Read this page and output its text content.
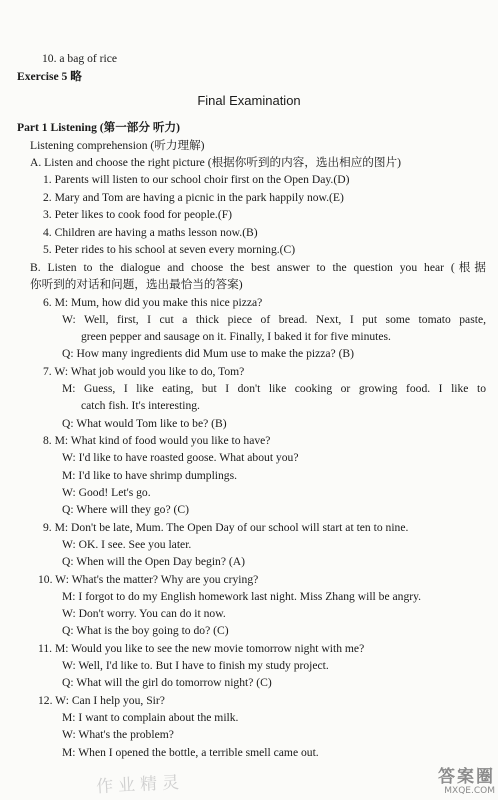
10. a bag of rice
Exercise 5 略
Part 1 Listening (第一部分 听力)
Listening comprehension (听力理解)
A. Listen and choose the right picture (根据你听到的内容，选出相应的图片)
1. Parents will listen to our school choir first on the Open Day.(D)
2. Mary and Tom are having a picnic in the park happily now.(E)
3. Peter likes to cook food for people.(F)
4. Children are having a maths lesson now.(B)
5. Peter rides to his school at seven every morning.(C)
B. Listen to the dialogue and choose the best answer to the question you hear (根据
你听到的对话和问题，选出最恰当的答案)
6. M: Mum, how did you make this nice pizza?
W: Well, first, I cut a thick piece of bread. Next, I put some tomato paste,
green pepper and sausage on it. Finally, I baked it for five minutes.
Q: How many ingredients did Mum use to make the pizza? (B)
7. W: What job would you like to do, Tom?
M: Guess, I like eating, but I don't like cooking or growing food. I like to
catch fish. It's interesting.
Q: What would Tom like to be? (B)
8. M: What kind of food would you like to have?
W: I'd like to have roasted goose. What about you?
M: I'd like to have shrimp dumplings.
W: Good! Let's go.
Q: Where will they go? (C)
9. M: Don't be late, Mum. The Open Day of our school will start at ten to nine.
W: OK. I see. See you later.
Q: When will the Open Day begin? (A)
10. W: What's the matter? Why are you crying?
M: I forgot to do my English homework last night. Miss Zhang will be angry.
W: Don't worry. You can do it now.
Q: What is the boy going to do? (C)
11. M: Would you like to see the new movie tomorrow night with me?
W: Well, I'd like to. But I have to finish my study project.
Q: What will the girl do tomorrow night? (C)
12. W: Can I help you, Sir?
M: I want to complain about the milk.
W: What's the problem?
M: When I opened the bottle, a terrible smell came out.
Final Examination
作业精灵	答案圈
MXQE.COM
